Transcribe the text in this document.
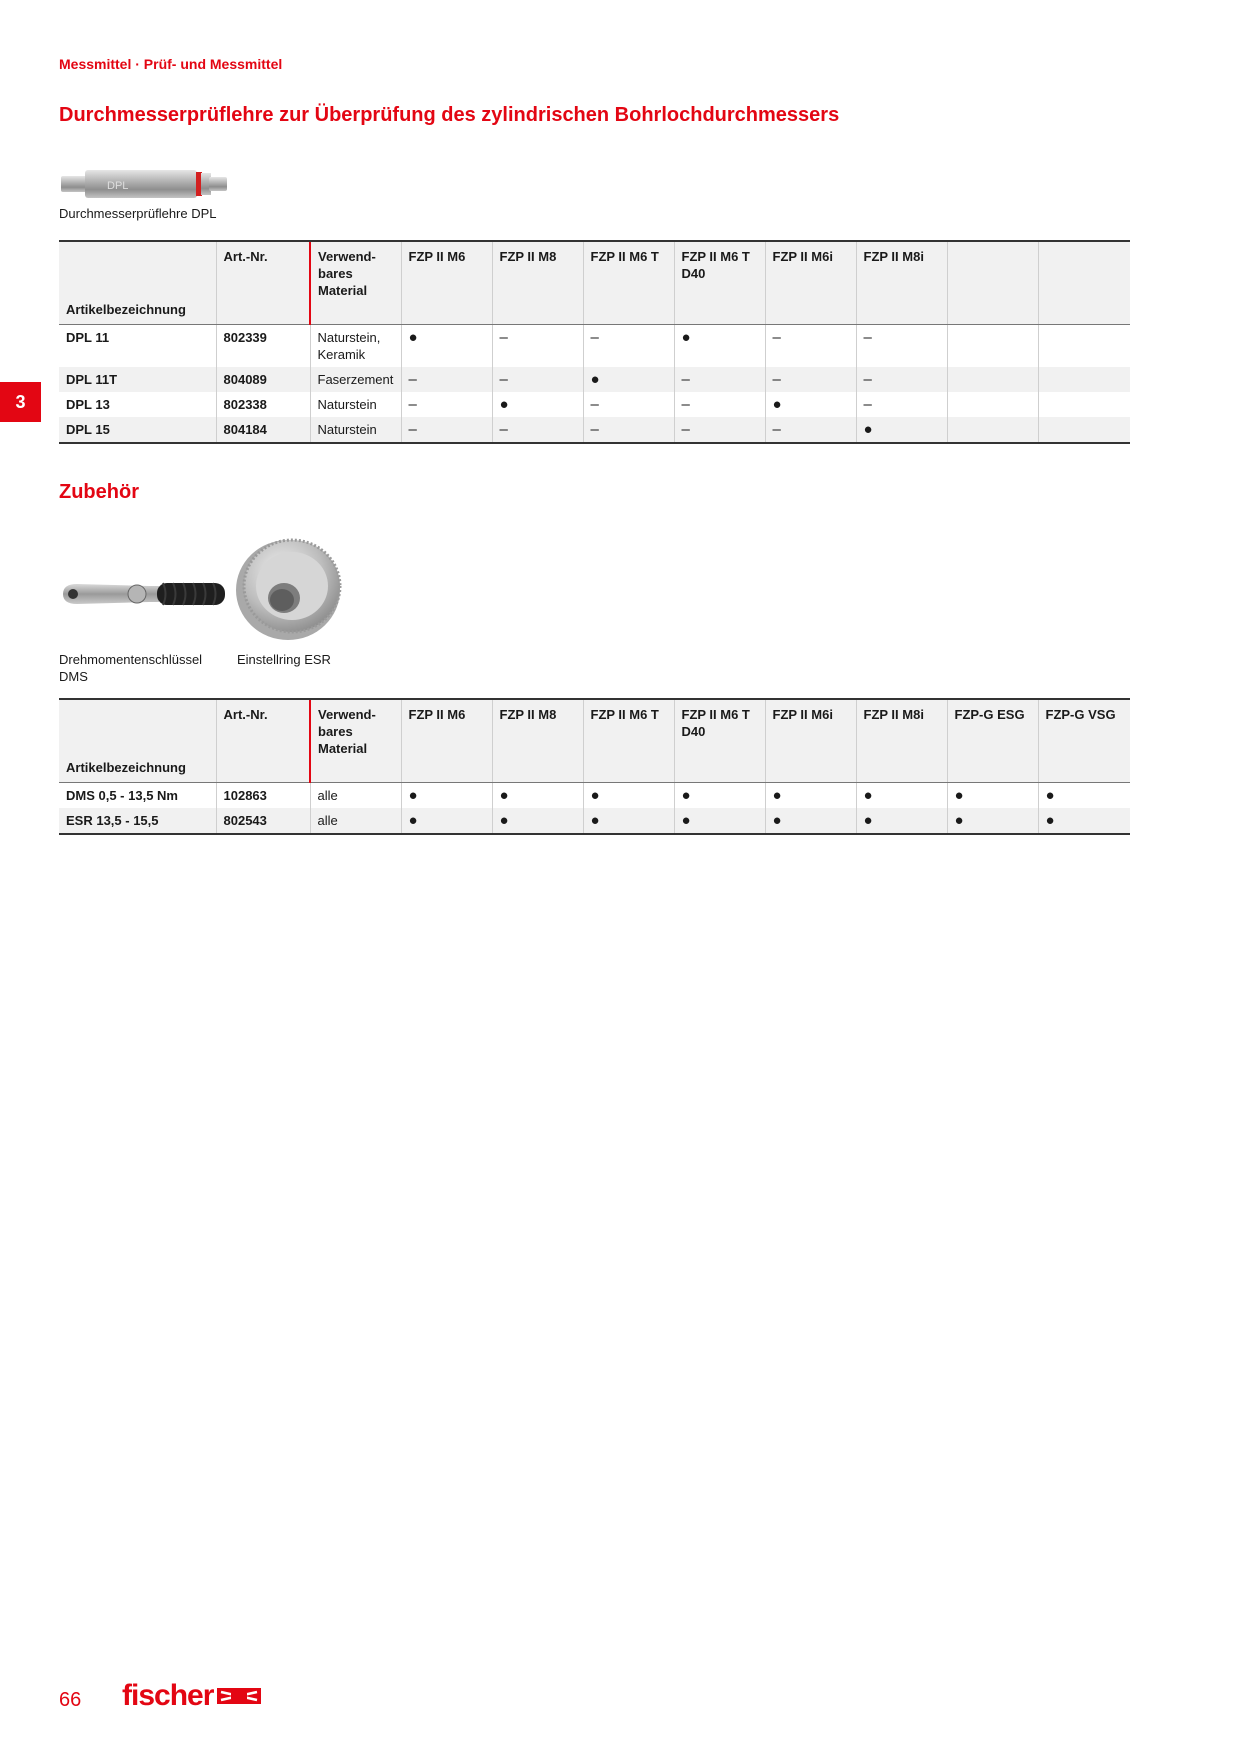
Messmittel · Prüf- und Messmittel
Durchmesserprüflehre zur Überprüfung des zylindrischen Bohrlochdurchmessers
3
DPL
Durchmesserprüflehre DPL
Artikelbezeichnung	Art.-Nr.	Verwend-
bares
Material	FZP II M6	FZP II M8	FZP II M6 T	FZP II M6 T
D40	FZP II M6i	FZP II M8i		
DPL 11	802339	Naturstein,
Keramik	●	–	–	●	–	–		
DPL 11T	804089	Faserzement	–	–	●	–	–	–		
DPL 13	802338	Naturstein	–	●	–	–	●	–		
DPL 15	804184	Naturstein	–	–	–	–	–	●		
Zubehör
Drehmomentenschlüssel
DMS
Einstellring ESR
Artikelbezeichnung	Art.-Nr.	Verwend-
bares
Material	FZP II M6	FZP II M8	FZP II M6 T	FZP II M6 T
D40	FZP II M6i	FZP II M8i	FZP-G ESG	FZP-G VSG
DMS 0,5 - 13,5 Nm	102863	alle	●	●	●	●	●	●	●	●
ESR 13,5 - 15,5	802543	alle	●	●	●	●	●	●	●	●
66 fischer
